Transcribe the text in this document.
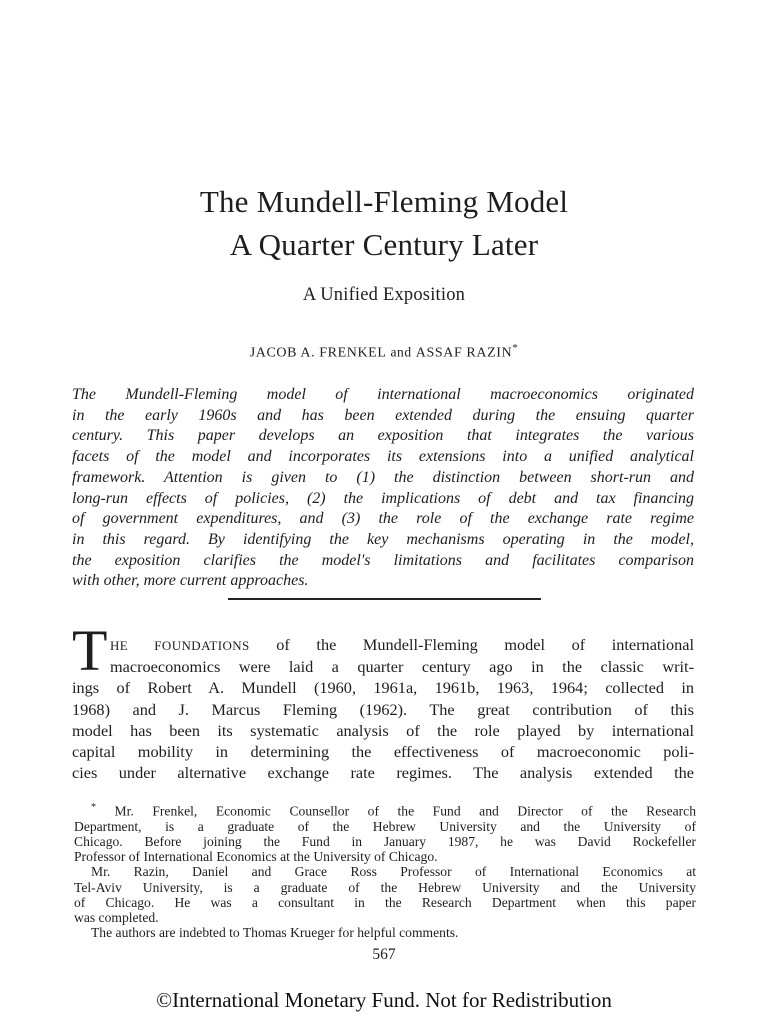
The Mundell-Fleming Model
A Quarter Century Later
A Unified Exposition
JACOB A. FRENKEL and ASSAF RAZIN*
The Mundell-Fleming model of international macroeconomics originated
in the early 1960s and has been extended during the ensuing quarter
century. This paper develops an exposition that integrates the various
facets of the model and incorporates its extensions into a unified analytical
framework. Attention is given to (1) the distinction between short-run and
long-run effects of policies, (2) the implications of debt and tax financing
of government expenditures, and (3) the role of the exchange rate regime
in this regard. By identifying the key mechanisms operating in the model,
the exposition clarifies the model's limitations and facilitates comparison
with other, more current approaches.
T HE FOUNDATIONS of the Mundell-Fleming model of international
macroeconomics were laid a quarter century ago in the classic writ-
ings of Robert A. Mundell (1960, 1961a, 1961b, 1963, 1964; collected in
1968) and J. Marcus Fleming (1962). The great contribution of this
model has been its systematic analysis of the role played by international
capital mobility in determining the effectiveness of macroeconomic poli-
cies under alternative exchange rate regimes. The analysis extended the
* Mr. Frenkel, Economic Counsellor of the Fund and Director of the Research
Department, is a graduate of the Hebrew University and the University of
Chicago. Before joining the Fund in January 1987, he was David Rockefeller
Professor of International Economics at the University of Chicago.
Mr. Razin, Daniel and Grace Ross Professor of International Economics at
Tel-Aviv University, is a graduate of the Hebrew University and the University
of Chicago. He was a consultant in the Research Department when this paper
was completed.
The authors are indebted to Thomas Krueger for helpful comments.
567
©International Monetary Fund. Not for Redistribution
